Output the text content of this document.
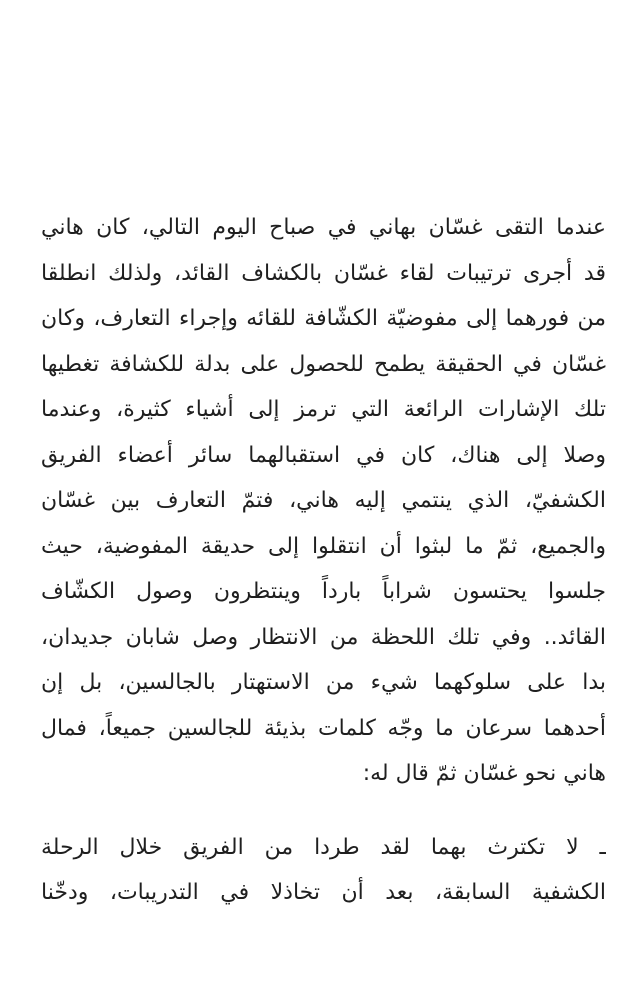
عندما التقى غسّان بهاني في صباح اليوم التالي، كان هاني
قد أجرى ترتيبات لقاء غسّان بالكشاف القائد، ولذلك انطلقا
من فورهما إلى مفوضيّة الكشّافة للقائه وإجراء التعارف، وكان
غسّان في الحقيقة يطمح للحصول على بدلة للكشافة تغطيها
تلك الإشارات الرائعة التي ترمز إلى أشياء كثيرة، وعندما
وصلا إلى هناك، كان في استقبالهما سائر أعضاء الفريق
الكشفيّ، الذي ينتمي إليه هاني، فتمّ التعارف بين غسّان
والجميع، ثمّ ما لبثوا أن انتقلوا إلى حديقة المفوضية، حيث
جلسوا يحتسون شراباً بارداً وينتظرون وصول الكشّاف
القائد.. وفي تلك اللحظة من الانتظار وصل شابان جديدان،
بدا على سلوكهما شيء من الاستهتار بالجالسين، بل إن
أحدهما سرعان ما وجّه كلمات بذيئة للجالسين جميعاً، فمال
هاني نحو غسّان ثمّ قال له:
ـ لا تكترث بهما لقد طردا من الفريق خلال الرحلة
الكشفية السابقة، بعد أن تخاذلا في التدريبات، ودخّنا
